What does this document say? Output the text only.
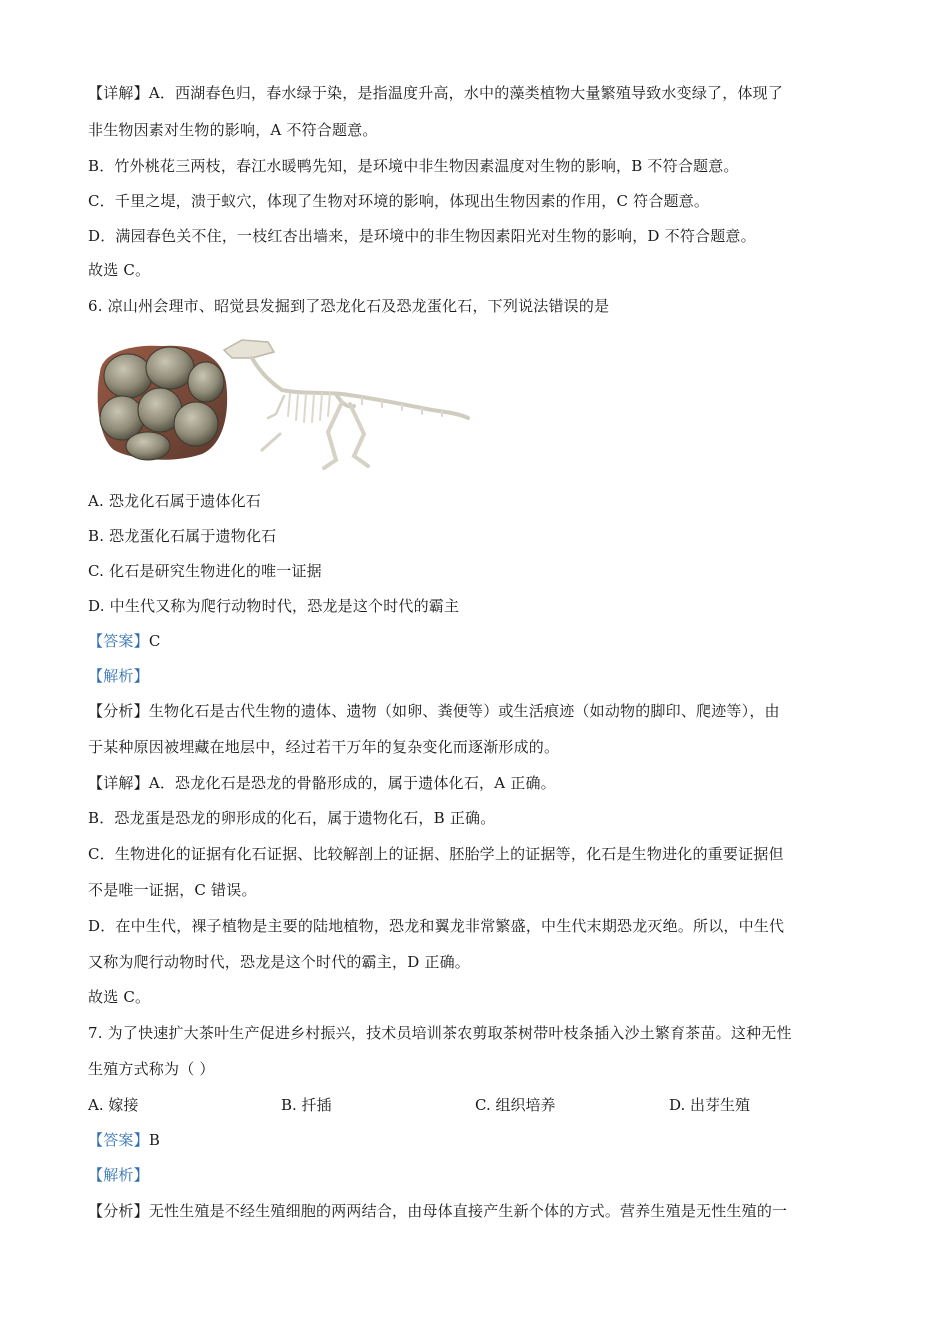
【详解】A．西湖春色归，春水绿于染，是指温度升高，水中的藻类植物大量繁殖导致水变绿了，体现了
非生物因素对生物的影响，A 不符合题意。
B．竹外桃花三两枝，春江水暖鸭先知，是环境中非生物因素温度对生物的影响，B 不符合题意。
C．千里之堤，溃于蚁穴，体现了生物对环境的影响，体现出生物因素的作用，C 符合题意。
D．满园春色关不住，一枝红杏出墙来，是环境中的非生物因素阳光对生物的影响，D 不符合题意。
故选 C。
6. 凉山州会理市、昭觉县发掘到了恐龙化石及恐龙蛋化石，下列说法错误的是
A. 恐龙化石属于遗体化石
B. 恐龙蛋化石属于遗物化石
C. 化石是研究生物进化的唯一证据
D. 中生代又称为爬行动物时代，恐龙是这个时代的霸主
【答案】C
【解析】
【分析】生物化石是古代生物的遗体、遗物（如卵、粪便等）或生活痕迹（如动物的脚印、爬迹等），由
于某种原因被埋藏在地层中，经过若干万年的复杂变化而逐渐形成的。
【详解】A．恐龙化石是恐龙的骨骼形成的，属于遗体化石，A 正确。
B．恐龙蛋是恐龙的卵形成的化石，属于遗物化石，B 正确。
C．生物进化的证据有化石证据、比较解剖上的证据、胚胎学上的证据等，化石是生物进化的重要证据但
不是唯一证据，C 错误。
D．在中生代，裸子植物是主要的陆地植物，恐龙和翼龙非常繁盛，中生代末期恐龙灭绝。所以，中生代
又称为爬行动物时代，恐龙是这个时代的霸主，D 正确。
故选 C。
7. 为了快速扩大茶叶生产促进乡村振兴，技术员培训茶农剪取茶树带叶枝条插入沙土繁育茶苗。这种无性
生殖方式称为（ ）
A. 嫁接	B. 扦插	C. 组织培养	D. 出芽生殖
【答案】B
【解析】
【分析】无性生殖是不经生殖细胞的两两结合，由母体直接产生新个体的方式。营养生殖是无性生殖的一
